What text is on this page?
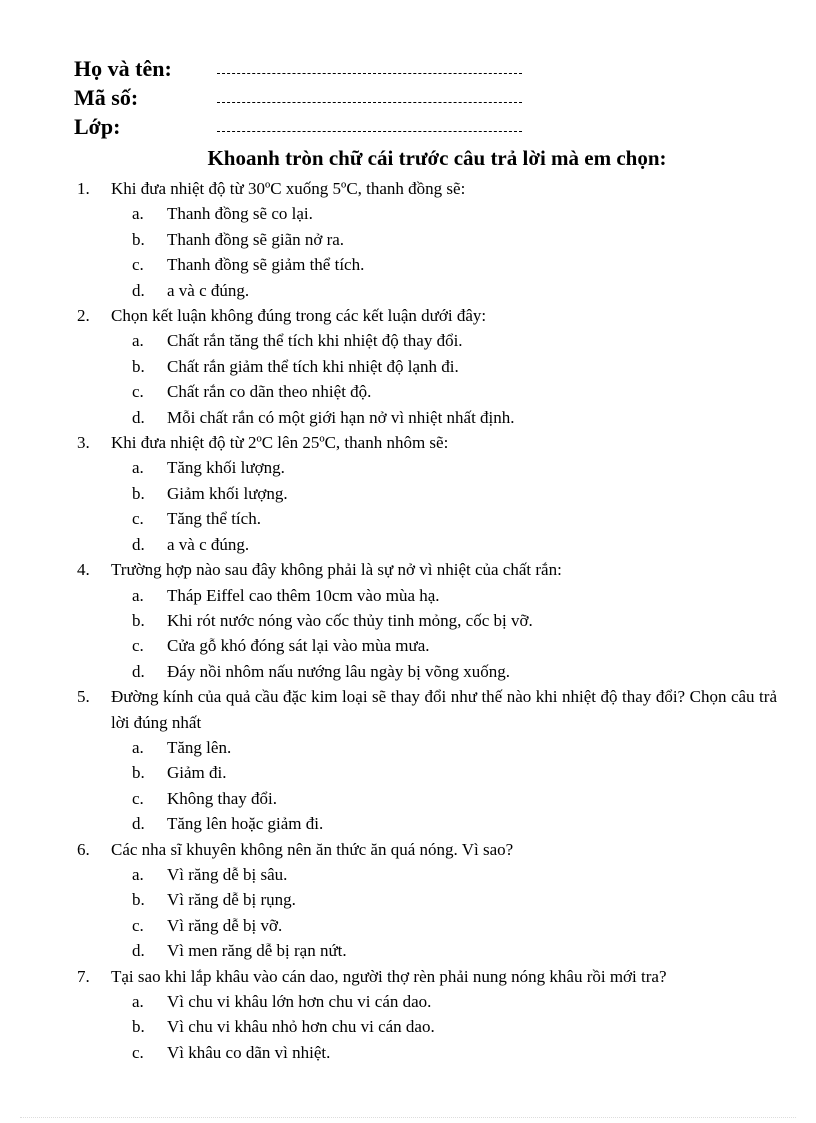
Họ và tên:
Mã số:
Lớp:
Khoanh tròn chữ cái trước câu trả lời mà em chọn:
1.	Khi đưa nhiệt độ từ 30ºC xuống 5ºC, thanh đồng sẽ:
a.	Thanh đồng sẽ co lại.
b.	Thanh đồng sẽ giãn nở ra.
c.	Thanh đồng sẽ giảm thể tích.
d.	a và c đúng.
2.	Chọn kết luận không đúng trong các kết luận dưới đây:
a.	Chất rắn tăng thể tích khi nhiệt độ thay đổi.
b.	Chất rắn giảm thể tích khi nhiệt độ lạnh đi.
c.	Chất rắn co dãn theo nhiệt độ.
d.	Mỗi chất rắn có một giới hạn nở vì nhiệt nhất định.
3.	Khi đưa nhiệt độ từ 2ºC lên 25ºC, thanh nhôm sẽ:
a.	Tăng khối lượng.
b.	Giảm khối lượng.
c.	Tăng thể tích.
d.	a và c đúng.
4.	Trường hợp nào sau đây không phải là sự nở vì nhiệt của chất rắn:
a.	Tháp Eiffel cao thêm 10cm vào mùa hạ.
b.	Khi rót nước nóng vào cốc thủy tinh mỏng, cốc bị vỡ.
c.	Cửa gỗ khó đóng sát lại vào mùa mưa.
d.	Đáy nồi nhôm nấu nướng lâu ngày bị võng xuống.
5.	Đường kính của quả cầu đặc kim loại sẽ thay đổi như thế nào khi nhiệt độ thay đổi? Chọn câu trả lời đúng nhất
a.	Tăng lên.
b.	Giảm đi.
c.	Không thay đổi.
d.	Tăng lên hoặc giảm đi.
6.	Các nha sĩ khuyên không nên ăn thức ăn quá nóng. Vì sao?
a.	Vì răng dễ bị sâu.
b.	Vì răng dễ bị rụng.
c.	Vì răng dễ bị vỡ.
d.	Vì men răng dễ bị rạn nứt.
7.	Tại sao khi lắp khâu vào cán dao, người thợ rèn phải nung nóng khâu rồi mới tra?
a.	Vì chu vi khâu lớn hơn chu vi cán dao.
b.	Vì chu vi khâu nhỏ hơn chu vi cán dao.
c.	Vì khâu co dãn vì nhiệt.
